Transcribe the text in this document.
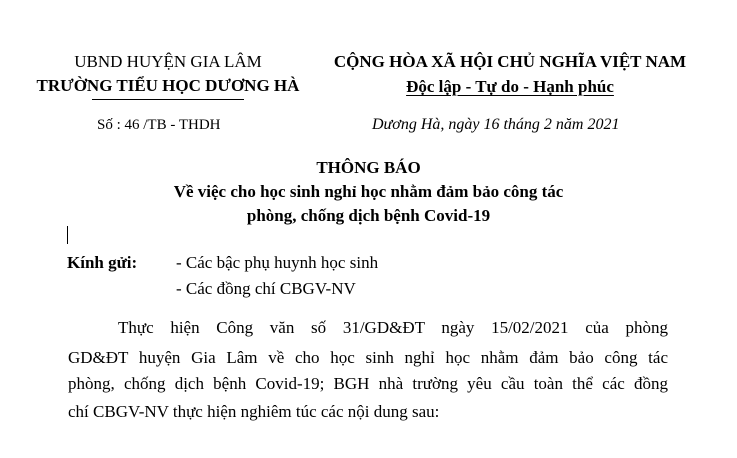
UBND HUYỆN GIA LÂM
TRƯỜNG TIỂU HỌC DƯƠNG HÀ
Số : 46 /TB - THDH
CỘNG HÒA XÃ HỘI CHỦ NGHĨA VIỆT NAM
Độc lập - Tự do - Hạnh phúc
Dương Hà, ngày 16 tháng 2 năm 2021
THÔNG BÁO
Về việc cho học sinh nghỉ học nhằm đảm bảo công tác
phòng, chống dịch bệnh Covid-19
Kính gửi: - Các bậc phụ huynh học sinh
- Các đồng chí CBGV-NV
Thực hiện Công văn số 31/GD&ĐT ngày 15/02/2021 của phòng
GD&ĐT huyện Gia Lâm về cho học sinh nghỉ học nhằm đảm bảo công tác
phòng, chống dịch bệnh Covid-19; BGH nhà trường yêu cầu toàn thể các đồng
chí CBGV-NV thực hiện nghiêm túc các nội dung sau:
